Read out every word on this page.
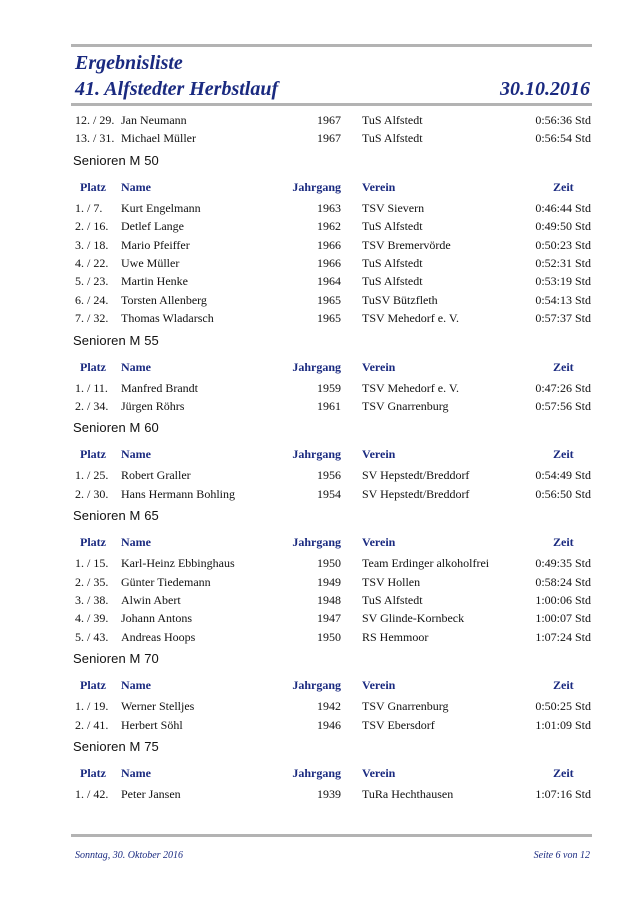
Ergebnisliste
41. Alfstedter Herbstlauf	30.10.2016
12. / 29. Jan Neumann	1967 TuS Alfstedt	0:56:36 Std
13. / 31. Michael Müller	1967 TuS Alfstedt	0:56:54 Std
Senioren M 50
Platz Name	Jahrgang Verein	Zeit
1. / 7. Kurt Engelmann	1963 TSV Sievern	0:46:44 Std
2. / 16. Detlef Lange	1962 TuS Alfstedt	0:49:50 Std
3. / 18. Mario Pfeiffer	1966 TSV Bremervörde	0:50:23 Std
4. / 22. Uwe Müller	1966 TuS Alfstedt	0:52:31 Std
5. / 23. Martin Henke	1964 TuS Alfstedt	0:53:19 Std
6. / 24. Torsten Allenberg	1965 TuSV Bützfleth	0:54:13 Std
7. / 32. Thomas Wladarsch	1965 TSV Mehedorf e. V.	0:57:37 Std
Senioren M 55
Platz Name	Jahrgang Verein	Zeit
1. / 11. Manfred Brandt	1959 TSV Mehedorf e. V.	0:47:26 Std
2. / 34. Jürgen Röhrs	1961 TSV Gnarrenburg	0:57:56 Std
Senioren M 60
Platz Name	Jahrgang Verein	Zeit
1. / 25. Robert Graller	1956 SV Hepstedt/Breddorf	0:54:49 Std
2. / 30. Hans Hermann Bohling	1954 SV Hepstedt/Breddorf	0:56:50 Std
Senioren M 65
Platz Name	Jahrgang Verein	Zeit
1. / 15. Karl-Heinz Ebbinghaus	1950 Team Erdinger alkoholfrei	0:49:35 Std
2. / 35. Günter Tiedemann	1949 TSV Hollen	0:58:24 Std
3. / 38. Alwin Abert	1948 TuS Alfstedt	1:00:06 Std
4. / 39. Johann Antons	1947 SV Glinde-Kornbeck	1:00:07 Std
5. / 43. Andreas Hoops	1950 RS Hemmoor	1:07:24 Std
Senioren M 70
Platz Name	Jahrgang Verein	Zeit
1. / 19. Werner Stelljes	1942 TSV Gnarrenburg	0:50:25 Std
2. / 41. Herbert Söhl	1946 TSV Ebersdorf	1:01:09 Std
Senioren M 75
Platz Name	Jahrgang Verein	Zeit
1. / 42. Peter Jansen	1939 TuRa Hechthausen	1:07:16 Std
Sonntag, 30. Oktober 2016	Seite 6 von 12
